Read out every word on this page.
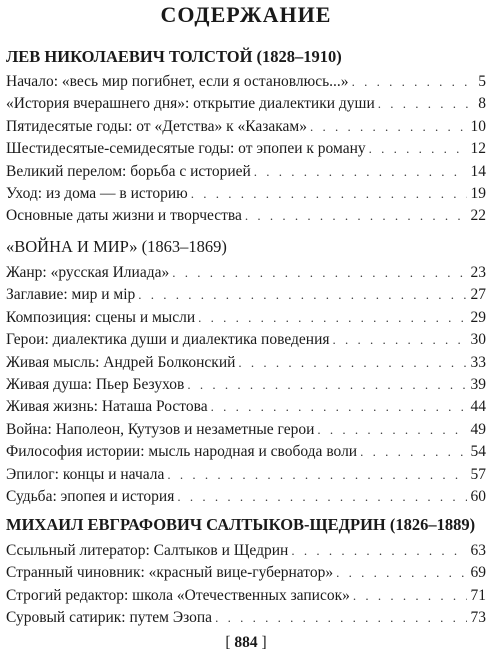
СОДЕРЖАНИЕ
ЛЕВ НИКОЛАЕВИЧ ТОЛСТОЙ (1828–1910)
Начало: «весь мир погибнет, если я остановлюсь...» . . .	5
«История вчерашнего дня»: открытие диалектики души . . .	8
Пятидесятые годы: от «Детства» к «Казакам» . . .	10
Шестидесятые-семидесятые годы: от эпопеи к роману . . .	12
Великий перелом: борьба с историей . . .	14
Уход: из дома — в историю . . .	19
Основные даты жизни и творчества . . .	22
«ВОЙНА И МИР» (1863–1869)
Жанр: «русская Илиада» . . .	23
Заглавие: мир и мiр . . .	27
Композиция: сцены и мысли . . .	29
Герои: диалектика души и диалектика поведения . . .	30
Живая мысль: Андрей Болконский . . .	33
Живая душа: Пьер Безухов . . .	39
Живая жизнь: Наташа Ростова . . .	44
Война: Наполеон, Кутузов и незаметные герои . . .	49
Философия истории: мысль народная и свобода воли . . .	54
Эпилог: концы и начала . . .	57
Судьба: эпопея и история . . .	60
МИХАИЛ ЕВГРАФОВИЧ САЛТЫКОВ-ЩЕДРИН (1826–1889)
Ссыльный литератор: Салтыков и Щедрин . . .	63
Странный чиновник: «красный вице-губернатор» . . .	69
Строгий редактор: школа «Отечественных записок» . . .	71
Суровый сатирик: путем Эзопа . . .	73
[ 884 ]
